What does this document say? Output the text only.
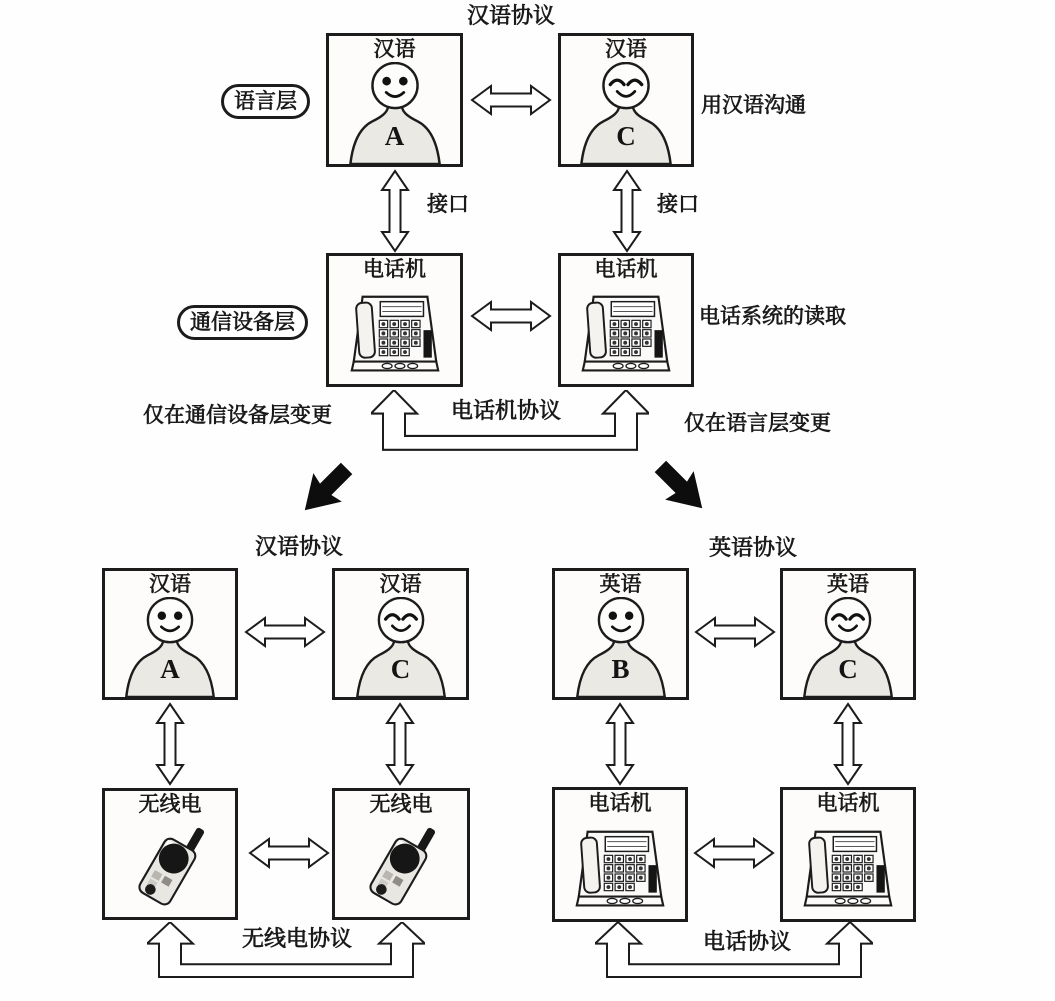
汉语协议
语言层
通信设备层
汉语
A
汉语
C
用汉语沟通
接口	接口
电话机	电话机
电话系统的读取
电话机协议
仅在通信设备层变更	仅在语言层变更
汉语协议
汉语
A
汉语
C
无线电	无线电
无线电协议
英语协议
英语
B
英语
C
电话机	电话机
电话协议
